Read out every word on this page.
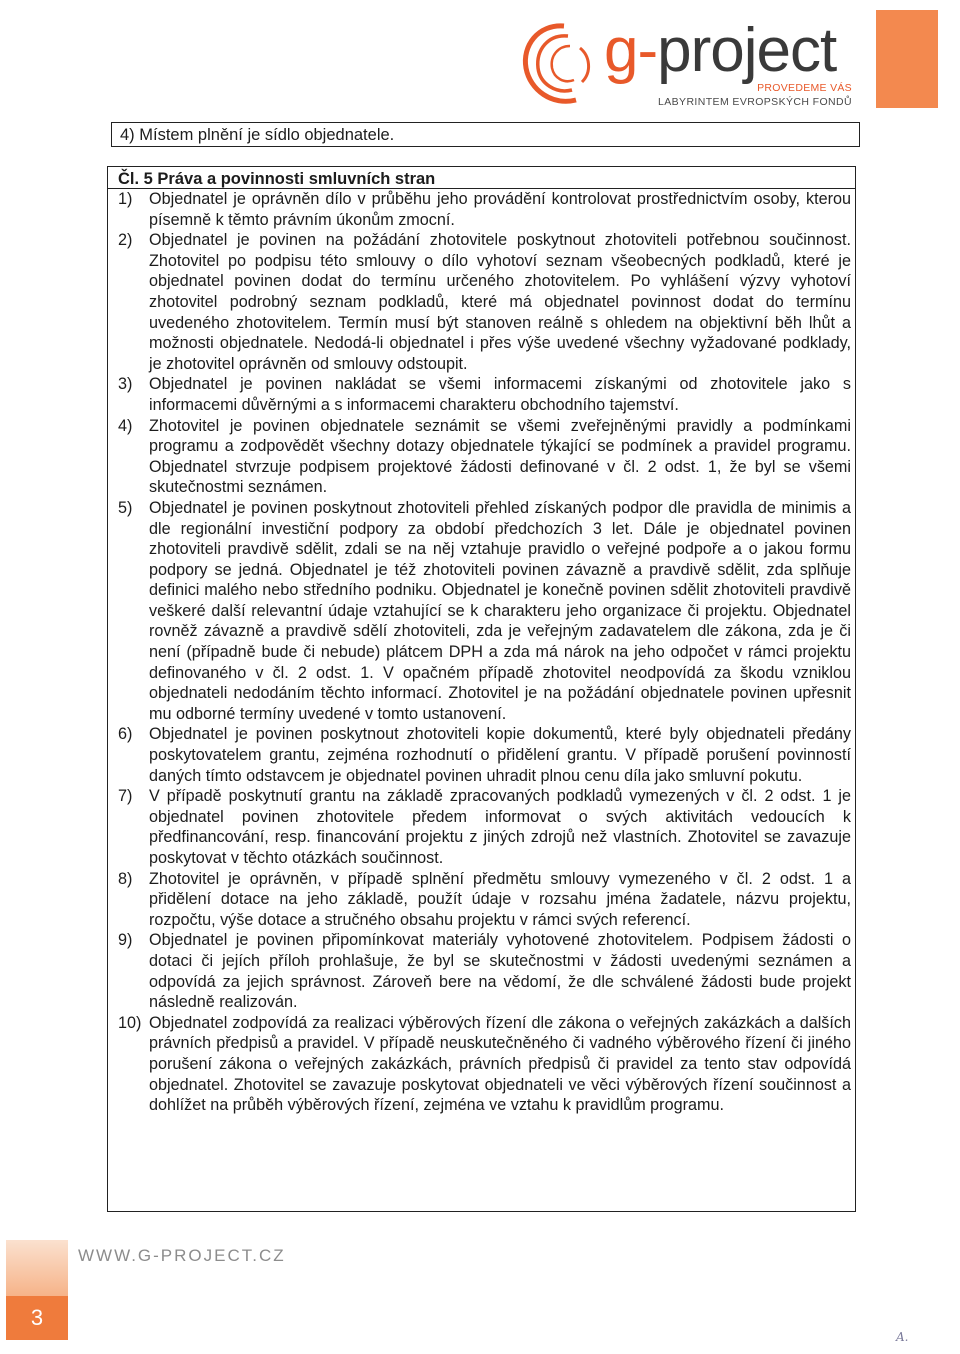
g-project
PROVEDEME VÁS
LABYRINTEM EVROPSKÝCH FONDŮ
4) Místem plnění je sídlo objednatele.
Čl. 5 Práva a povinnosti smluvních stran
1) Objednatel je oprávněn dílo v průběhu jeho provádění kontrolovat prostřednictvím osoby, kterou písemně k těmto právním úkonům zmocní.
2) Objednatel je povinen na požádání zhotovitele poskytnout zhotoviteli potřebnou součinnost. Zhotovitel po podpisu této smlouvy o dílo vyhotoví seznam všeobecných podkladů, které je objednatel povinen dodat do termínu určeného zhotovitelem. Po vyhlášení výzvy vyhotoví zhotovitel podrobný seznam podkladů, které má objednatel povinnost dodat do termínu uvedeného zhotovitelem. Termín musí být stanoven reálně s ohledem na objektivní běh lhůt a možnosti objednatele. Nedodá-li objednatel i přes výše uvedené všechny vyžadované podklady, je zhotovitel oprávněn od smlouvy odstoupit.
3) Objednatel je povinen nakládat se všemi informacemi získanými od zhotovitele jako s informacemi důvěrnými a s informacemi charakteru obchodního tajemství.
4) Zhotovitel je povinen objednatele seznámit se všemi zveřejněnými pravidly a podmínkami programu a zodpovědět všechny dotazy objednatele týkající se podmínek a pravidel programu. Objednatel stvrzuje podpisem projektové žádosti definované v čl. 2 odst. 1, že byl se všemi skutečnostmi seznámen.
5) Objednatel je povinen poskytnout zhotoviteli přehled získaných podpor dle pravidla de minimis a dle regionální investiční podpory za období předchozích 3 let. Dále je objednatel povinen zhotoviteli pravdivě sdělit, zdali se na něj vztahuje pravidlo o veřejné podpoře a o jakou formu podpory se jedná. Objednatel je též zhotoviteli povinen závazně a pravdivě sdělit, zda splňuje definici malého nebo středního podniku. Objednatel je konečně povinen sdělit zhotoviteli pravdivě veškeré další relevantní údaje vztahující se k charakteru jeho organizace či projektu. Objednatel rovněž závazně a pravdivě sdělí zhotoviteli, zda je veřejným zadavatelem dle zákona, zda je či není (případně bude či nebude) plátcem DPH a zda má nárok na jeho odpočet v rámci projektu definovaného v čl. 2 odst. 1. V opačném případě zhotovitel neodpovídá za škodu vzniklou objednateli nedodáním těchto informací. Zhotovitel je na požádání objednatele povinen upřesnit mu odborné termíny uvedené v tomto ustanovení.
6) Objednatel je povinen poskytnout zhotoviteli kopie dokumentů, které byly objednateli předány poskytovatelem grantu, zejména rozhodnutí o přidělení grantu. V případě porušení povinností daných tímto odstavcem je objednatel povinen uhradit plnou cenu díla jako smluvní pokutu.
7) V případě poskytnutí grantu na základě zpracovaných podkladů vymezených v čl. 2 odst. 1 je objednatel povinen zhotovitele předem informovat o svých aktivitách vedoucích k předfinancování, resp. financování projektu z jiných zdrojů než vlastních. Zhotovitel se zavazuje poskytovat v těchto otázkách součinnost.
8) Zhotovitel je oprávněn, v případě splnění předmětu smlouvy vymezeného v čl. 2 odst. 1 a přidělení dotace na jeho základě, použít údaje v rozsahu jména žadatele, názvu projektu, rozpočtu, výše dotace a stručného obsahu projektu v rámci svých referencí.
9) Objednatel je povinen připomínkovat materiály vyhotovené zhotovitelem. Podpisem žádosti o dotaci či jejích příloh prohlašuje, že byl se skutečnostmi v žádosti uvedenými seznámen a odpovídá za jejich správnost. Zároveň bere na vědomí, že dle schválené žádosti bude projekt následně realizován.
10) Objednatel zodpovídá za realizaci výběrových řízení dle zákona o veřejných zakázkách a dalších právních předpisů a pravidel. V případě neuskutečněného či vadného výběrového řízení či jiného porušení zákona o veřejných zakázkách, právních předpisů či pravidel za tento stav odpovídá objednatel. Zhotovitel se zavazuje poskytovat objednateli ve věci výběrových řízení součinnost a dohlížet na průběh výběrových řízení, zejména ve vztahu k pravidlům programu.
3
WWW.G-PROJECT.CZ
A.
